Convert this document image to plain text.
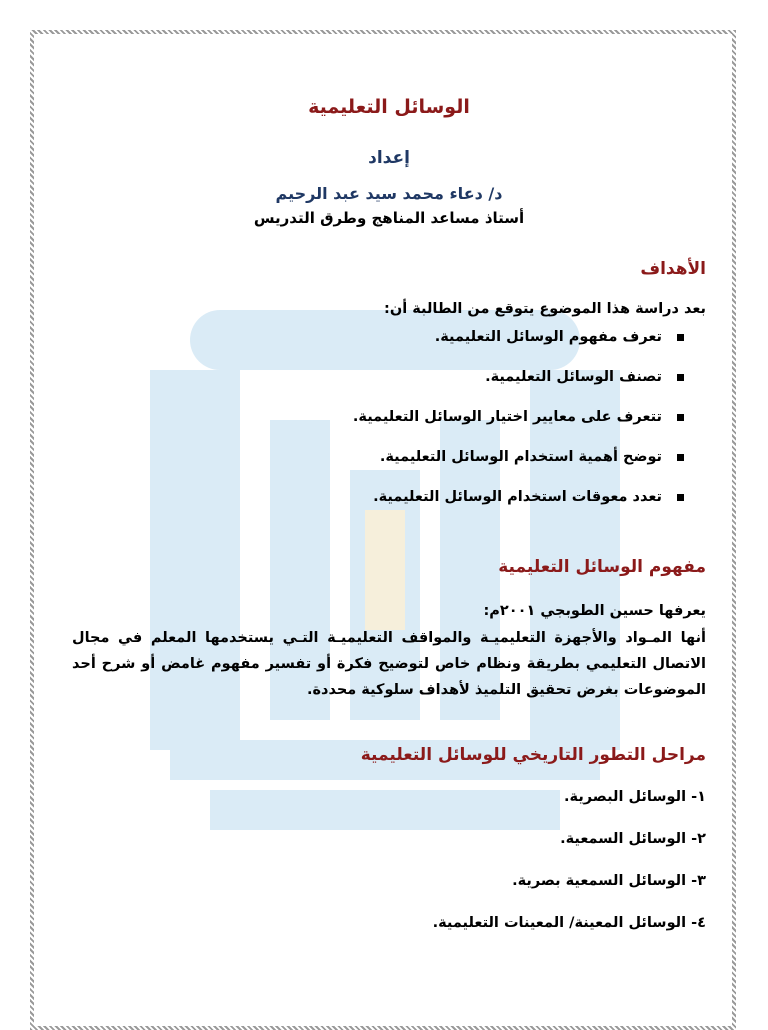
الوسائل التعليمية
إعداد
د/ دعاء محمد سيد عبد الرحيم
أستاذ مساعد المناهج وطرق التدريس
الأهداف
بعد دراسة هذا الموضوع يتوقع من الطالبة أن:
تعرف مفهوم الوسائل التعليمية.
تصنف الوسائل التعليمية.
تتعرف على معايير اختيار الوسائل التعليمية.
توضح أهمية استخدام الوسائل التعليمية.
تعدد معوقات استخدام الوسائل التعليمية.
مفهوم الوسائل التعليمية
يعرفها حسين الطوبجي ٢٠٠١م:
أنها المـواد والأجهزة التعليميـة والمواقف التعليميـة التـي يستخدمها المعلم في مجال الاتصال التعليمي بطريقة ونظام خاص لتوضيح فكرة أو تفسير مفهوم غامض أو شرح أحد الموضوعات بغرض تحقيق التلميذ لأهداف سلوكية محددة.
مراحل التطور التاريخي للوسائل التعليمية
١- الوسائل البصرية.
٢- الوسائل السمعية.
٣- الوسائل السمعية بصرية.
٤- الوسائل المعينة/ المعينات التعليمية.
